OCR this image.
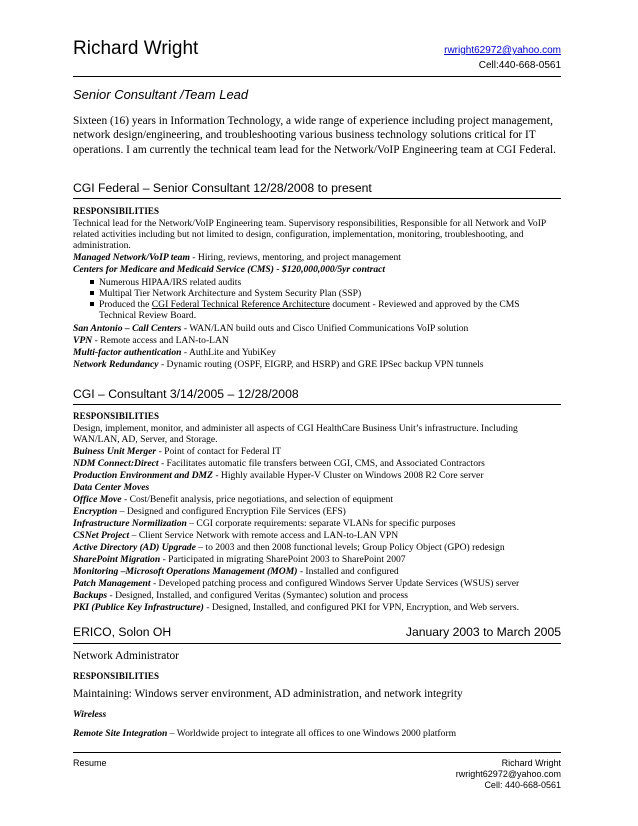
Richard Wright	rwright62972@yahoo.com
Cell:440-668-0561
Senior Consultant /Team Lead
Sixteen (16) years in Information Technology, a wide range of experience including project management, network design/engineering, and troubleshooting various business technology solutions critical for IT operations. I am currently the technical team lead for the Network/VoIP Engineering team at CGI Federal.
CGI Federal – Senior Consultant 12/28/2008 to present
RESPONSIBILITIES
Technical lead for the Network/VoIP Engineering team. Supervisory responsibilities, Responsible for all Network and VoIP related activities including but not limited to design, configuration, implementation, monitoring, troubleshooting, and administration.
Managed Network/VoIP team - Hiring, reviews, mentoring, and project management
Centers for Medicare and Medicaid Service (CMS) - $120,000,000/5yr contract
Numerous HIPAA/IRS related audits
Multipal Tier Network Architecture and System Security Plan (SSP)
Produced the CGI Federal Technical Reference Architecture document - Reviewed and approved by the CMS Technical Review Board.
San Antonio – Call Centers - WAN/LAN build outs and Cisco Unified Communications VoIP solution
VPN - Remote access and LAN-to-LAN
Multi-factor authentication - AuthLite and YubiKey
Network Redundancy - Dynamic routing (OSPF, EIGRP, and HSRP) and GRE IPSec backup VPN tunnels
CGI – Consultant 3/14/2005 – 12/28/2008
RESPONSIBILITIES
Design, implement, monitor, and administer all aspects of CGI HealthCare Business Unit’s infrastructure. Including WAN/LAN, AD, Server, and Storage.
Buiness Unit Merger - Point of contact for Federal IT
NDM Connect:Direct - Facilitates automatic file transfers between CGI, CMS, and Associated Contractors
Production Environment and DMZ - Highly available Hyper-V Cluster on Windows 2008 R2 Core server
Data Center Moves
Office Move - Cost/Benefit analysis, price negotiations, and selection of equipment
Encryption – Designed and configured Encryption File Services (EFS)
Infrastructure Normilization – CGI corporate requirements: separate VLANs for specific purposes
CSNet Project – Client Service Network with remote access and LAN-to-LAN VPN
Active Directory (AD) Upgrade – to 2003 and then 2008 functional levels; Group Policy Object (GPO) redesign
SharePoint Migration - Participated in migrating SharePoint 2003 to SharePoint 2007
Monitoring –Microsoft Operations Management (MOM) - Installed and configured
Patch Management - Developed patching process and configured Windows Server Update Services (WSUS) server
Backups - Designed, Installed, and configured Veritas (Symantec) solution and process
PKI (Publice Key Infrastructure) - Designed, Installed, and configured PKI for VPN, Encryption, and Web servers.
ERICO, Solon OH	January 2003 to March 2005
Network Administrator
RESPONSIBILITIES
Maintaining: Windows server environment, AD administration, and network integrity
Wireless
Remote Site Integration – Worldwide project to integrate all offices to one Windows 2000 platform
Resume	Richard Wright
rwright62972@yahoo.com
Cell: 440-668-0561
